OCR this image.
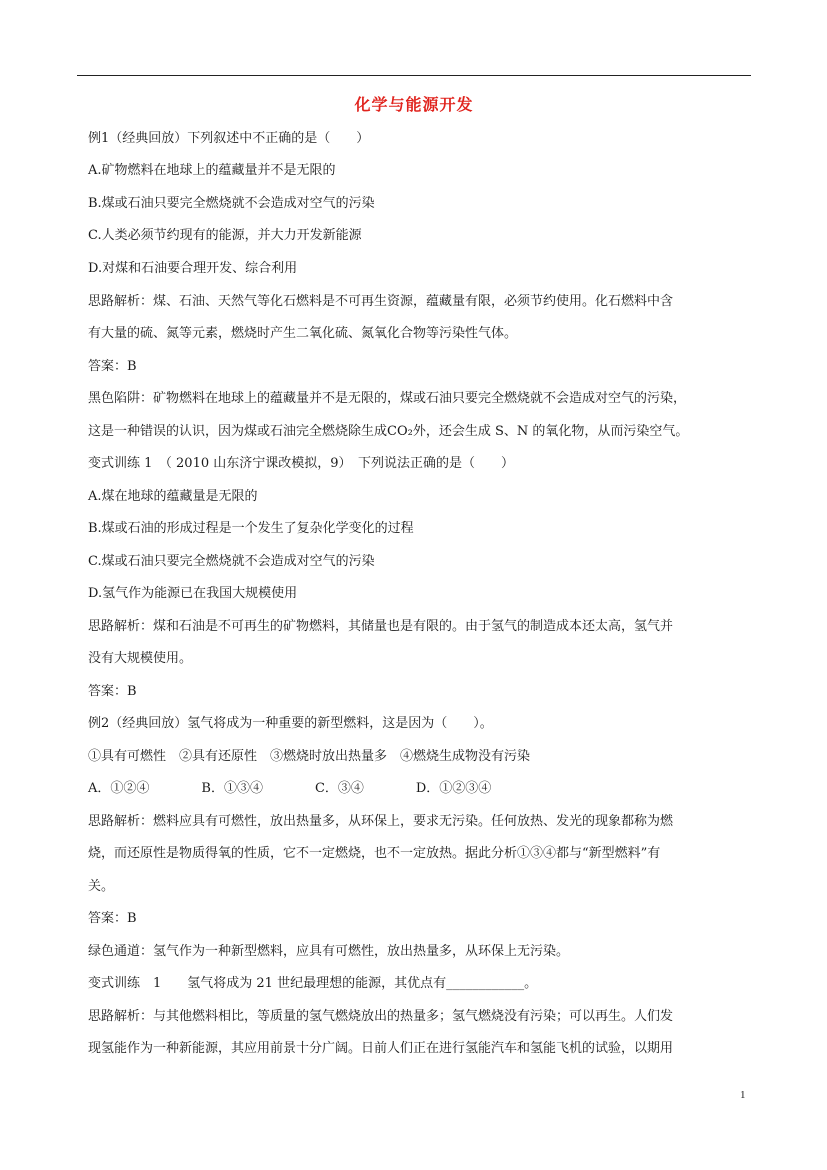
化学与能源开发
例1（经典回放）下列叙述中不正确的是（　　）
A.矿物燃料在地球上的蕴藏量并不是无限的
B.煤或石油只要完全燃烧就不会造成对空气的污染
C.人类必须节约现有的能源，并大力开发新能源
D.对煤和石油要合理开发、综合利用
思路解析：煤、石油、天然气等化石燃料是不可再生资源，蕴藏量有限，必须节约使用。化石燃料中含
有大量的硫、氮等元素，燃烧时产生二氧化硫、氮氧化合物等污染性气体。
答案：B
黑色陷阱：矿物燃料在地球上的蕴藏量并不是无限的，煤或石油只要完全燃烧就不会造成对空气的污染，
这是一种错误的认识，因为煤或石油完全燃烧除生成CO₂外，还会生成 S、N 的氧化物，从而污染空气。
变式训练 1　（ 2010 山东济宁课改模拟，9）　下列说法正确的是（　　）
A.煤在地球的蕴藏量是无限的
B.煤或石油的形成过程是一个发生了复杂化学变化的过程
C.煤或石油只要完全燃烧就不会造成对空气的污染
D.氢气作为能源已在我国大规模使用
思路解析：煤和石油是不可再生的矿物燃料，其储量也是有限的。由于氢气的制造成本还太高，氢气并
没有大规模使用。
答案：B
例2（经典回放）氢气将成为一种重要的新型燃料，这是因为（　　）。
①具有可燃性　②具有还原性　③燃烧时放出热量多　④燃烧生成物没有污染
A．①②④　　　　B．①③④　　　　C．③④　　　　D．①②③④
思路解析：燃料应具有可燃性，放出热量多，从环保上，要求无污染。任何放热、发光的现象都称为燃
烧，而还原性是物质得氧的性质，它不一定燃烧，也不一定放热。据此分析①③④都与“新型燃料”有
关。
答案：B
绿色通道：氢气作为一种新型燃料，应具有可燃性，放出热量多，从环保上无污染。
变式训练　1　　氢气将成为 21 世纪最理想的能源，其优点有____________。
思路解析：与其他燃料相比，等质量的氢气燃烧放出的热量多；氢气燃烧没有污染；可以再生。人们发
现氢能作为一种新能源，其应用前景十分广阔。日前人们正在进行氢能汽车和氢能飞机的试验，以期用
1
